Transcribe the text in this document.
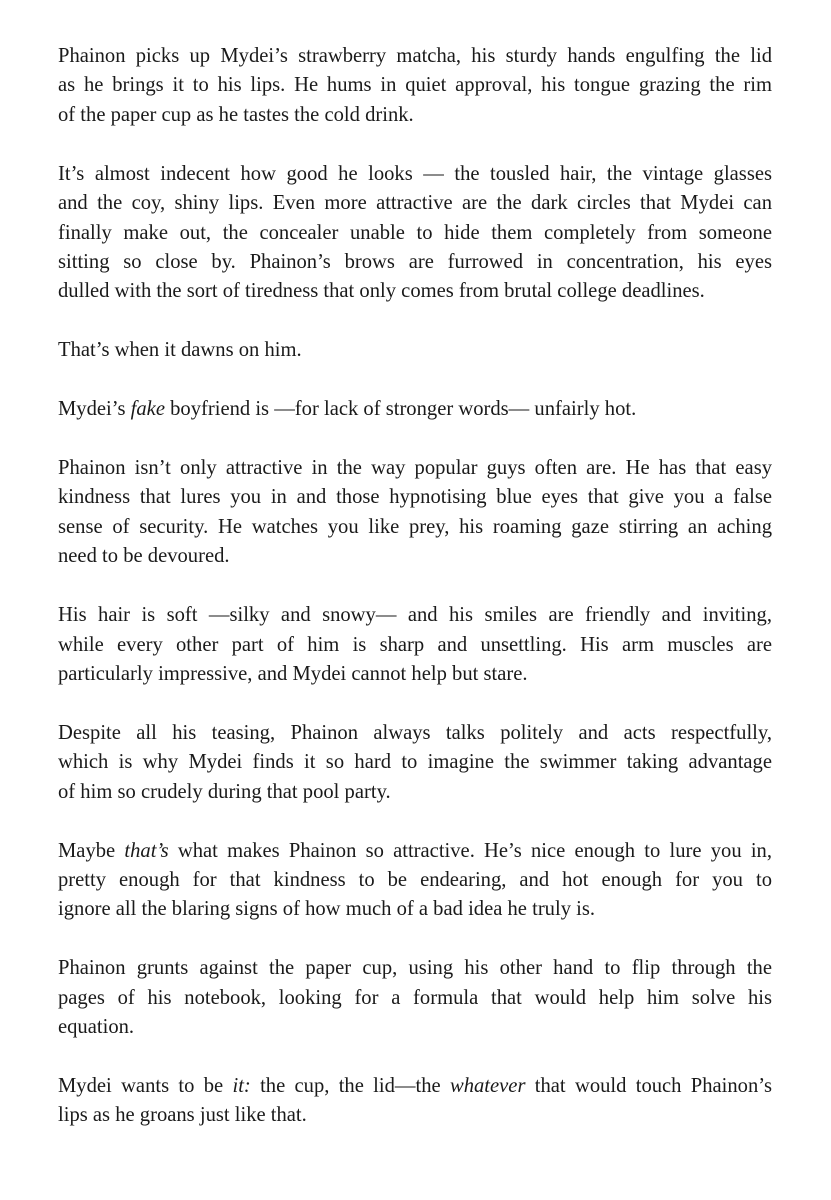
Phainon picks up Mydei’s strawberry matcha, his sturdy hands engulfing the lid
as he brings it to his lips. He hums in quiet approval, his tongue grazing the rim
of the paper cup as he tastes the cold drink.

It’s almost indecent how good he looks — the tousled hair, the vintage glasses
and the coy, shiny lips. Even more attractive are the dark circles that Mydei can
finally make out, the concealer unable to hide them completely from someone
sitting so close by. Phainon’s brows are furrowed in concentration, his eyes
dulled with the sort of tiredness that only comes from brutal college deadlines.

That’s when it dawns on him.

Mydei’s fake boyfriend is —for lack of stronger words— unfairly hot.

Phainon isn’t only attractive in the way popular guys often are. He has that easy
kindness that lures you in and those hypnotising blue eyes that give you a false
sense of security. He watches you like prey, his roaming gaze stirring an aching
need to be devoured.

His hair is soft —silky and snowy— and his smiles are friendly and inviting,
while every other part of him is sharp and unsettling. His arm muscles are
particularly impressive, and Mydei cannot help but stare.

Despite all his teasing, Phainon always talks politely and acts respectfully,
which is why Mydei finds it so hard to imagine the swimmer taking advantage
of him so crudely during that pool party.

Maybe that’s what makes Phainon so attractive. He’s nice enough to lure you in,
pretty enough for that kindness to be endearing, and hot enough for you to
ignore all the blaring signs of how much of a bad idea he truly is.

Phainon grunts against the paper cup, using his other hand to flip through the
pages of his notebook, looking for a formula that would help him solve his
equation.

Mydei wants to be it: the cup, the lid—the whatever that would touch Phainon’s
lips as he groans just like that.
